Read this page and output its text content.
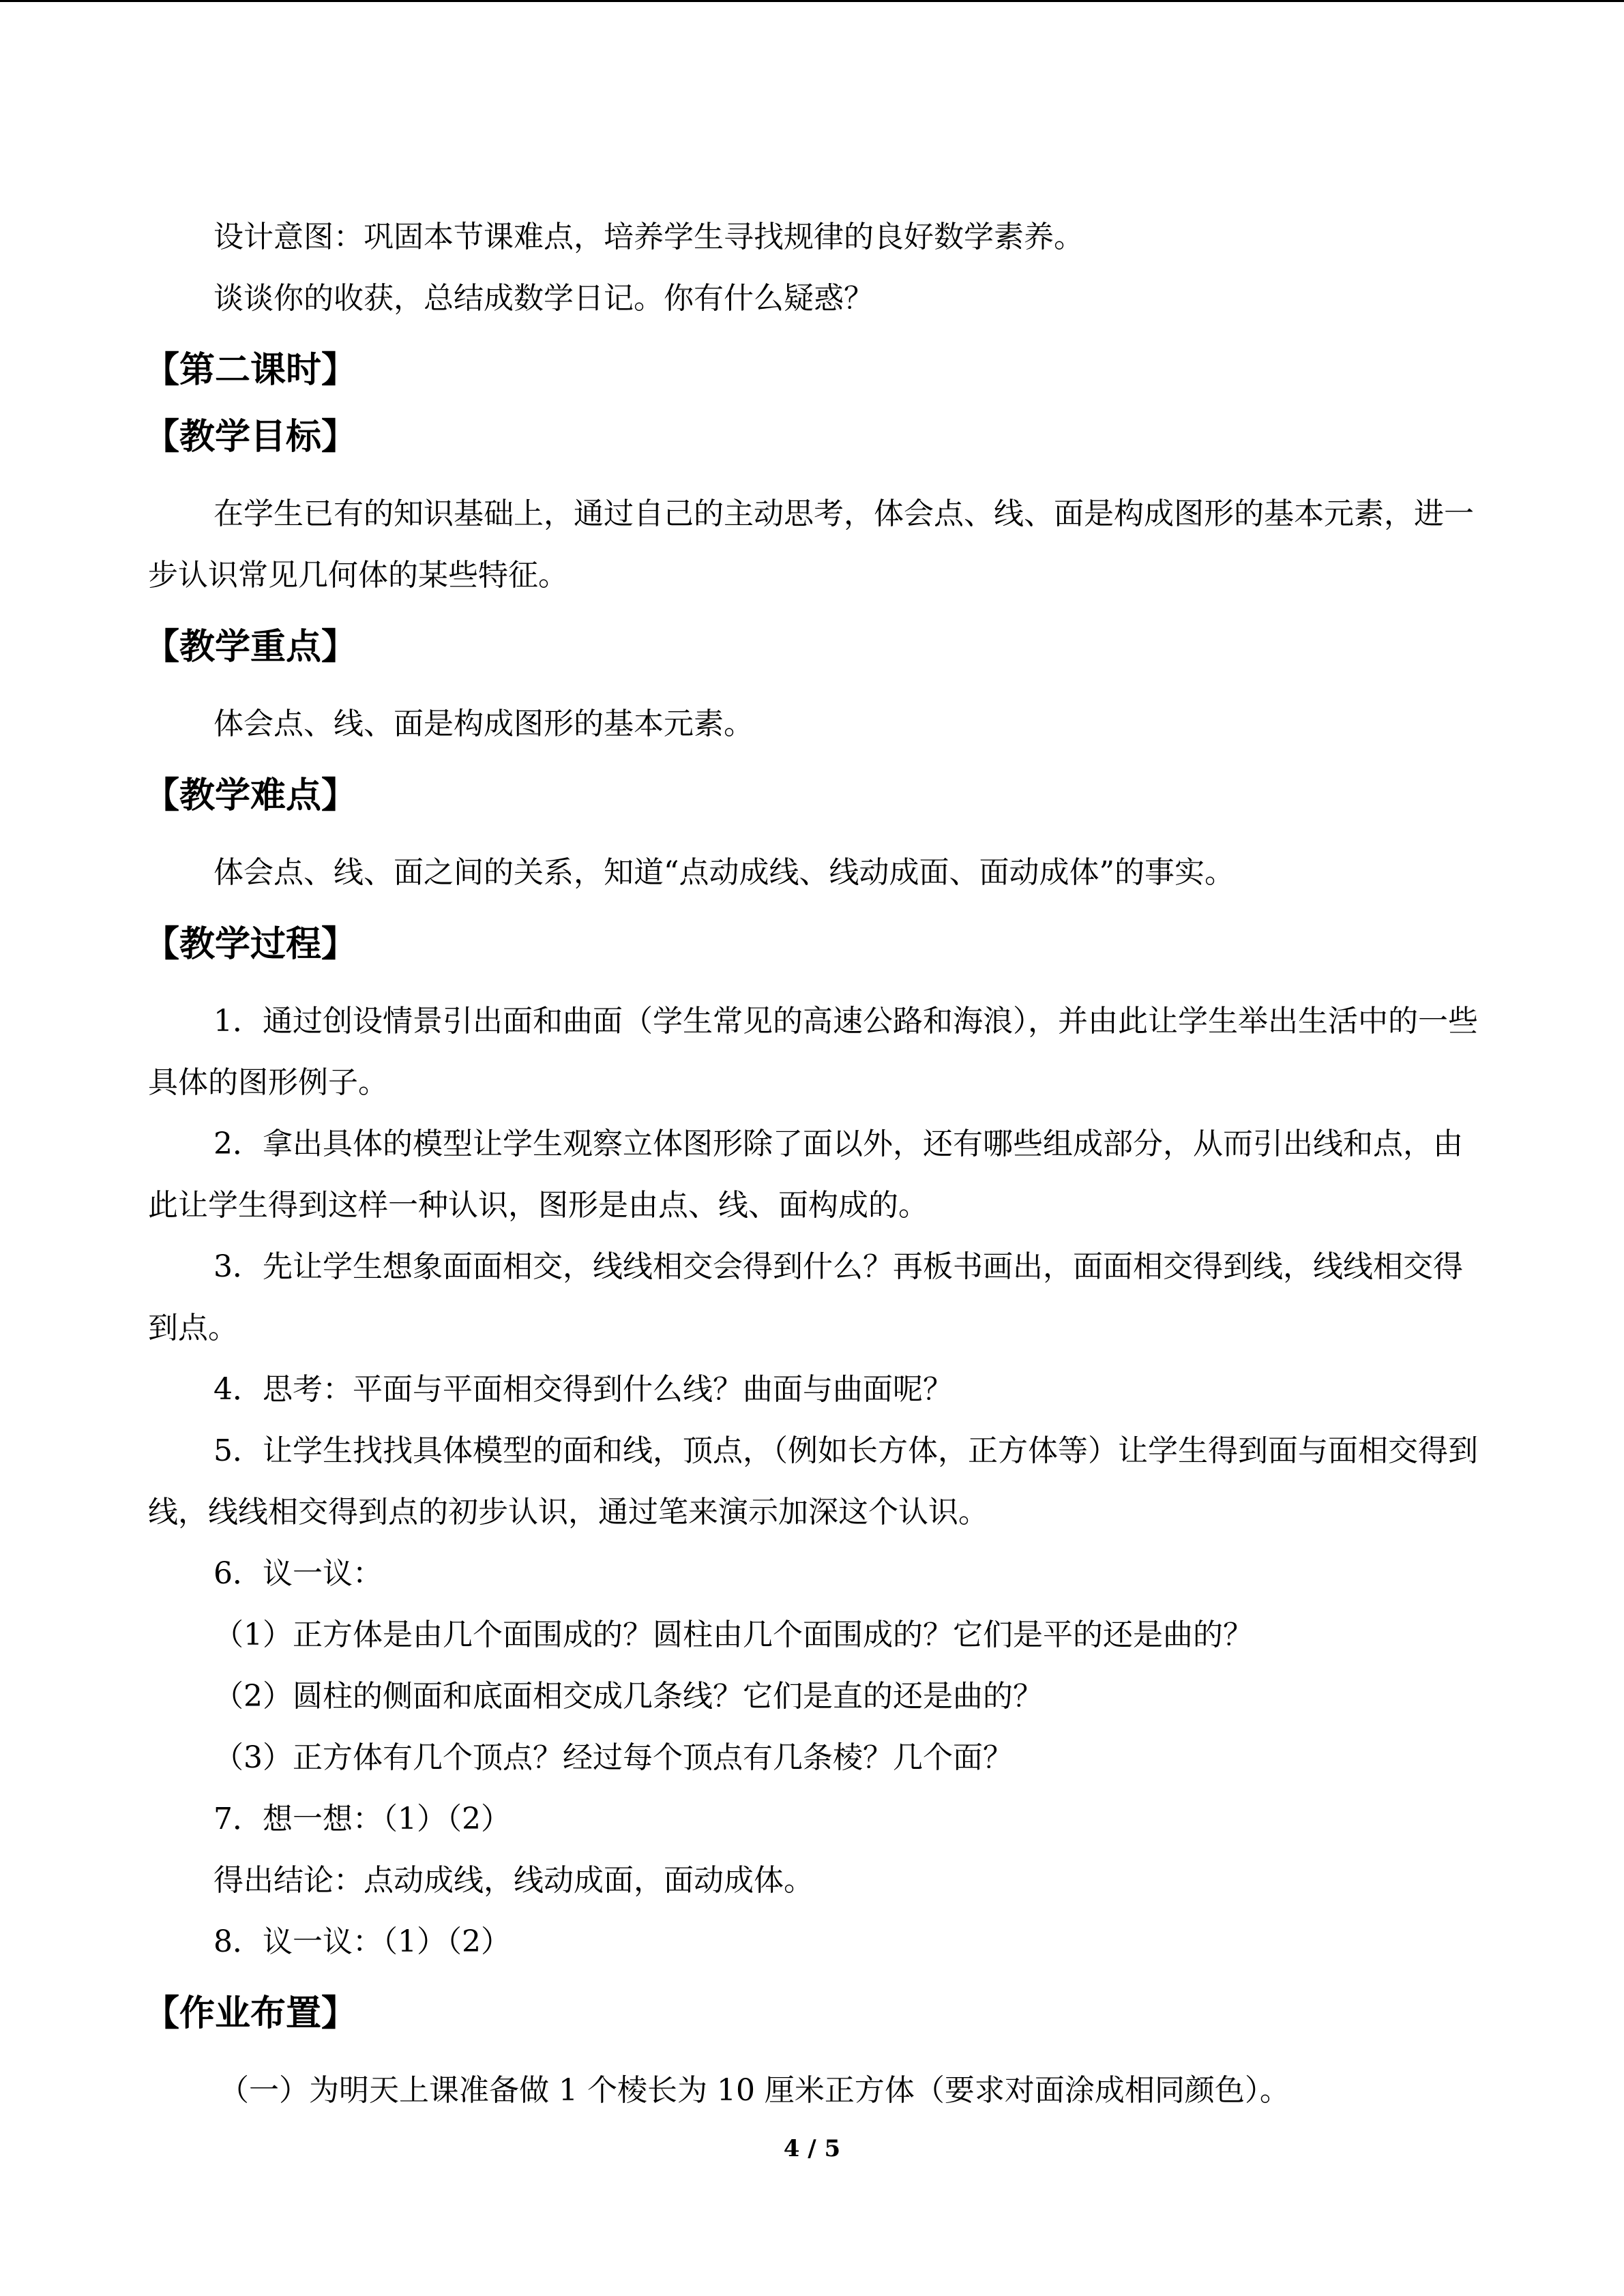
设计意图：巩固本节课难点，培养学生寻找规律的良好数学素养。

谈谈你的收获，总结成数学日记。你有什么疑惑？

【第二课时】
【教学目标】

在学生已有的知识基础上，通过自己的主动思考，体会点、线、面是构成图形的基本元素，进一步认识常见几何体的某些特征。

【教学重点】

体会点、线、面是构成图形的基本元素。

【教学难点】

体会点、线、面之间的关系，知道“点动成线、线动成面、面动成体”的事实。

【教学过程】

1．通过创设情景引出面和曲面（学生常见的高速公路和海浪），并由此让学生举出生活中的一些具体的图形例子。

2．拿出具体的模型让学生观察立体图形除了面以外，还有哪些组成部分，从而引出线和点，由此让学生得到这样一种认识，图形是由点、线、面构成的。

3．先让学生想象面面相交，线线相交会得到什么？再板书画出，面面相交得到线，线线相交得到点。

4．思考：平面与平面相交得到什么线？曲面与曲面呢？

5．让学生找找具体模型的面和线，顶点，（例如长方体，正方体等）让学生得到面与面相交得到线，线线相交得到点的初步认识，通过笔来演示加深这个认识。

6．议一议：

（1）正方体是由几个面围成的？圆柱由几个面围成的？它们是平的还是曲的？

（2）圆柱的侧面和底面相交成几条线？它们是直的还是曲的？

（3）正方体有几个顶点？经过每个顶点有几条棱？几个面？

7．想一想：（1）（2）

得出结论：点动成线，线动成面，面动成体。

8．议一议：（1）（2）

【作业布置】

（一）为明天上课准备做 1 个棱长为 10 厘米正方体（要求对面涂成相同颜色）。

4 / 5
